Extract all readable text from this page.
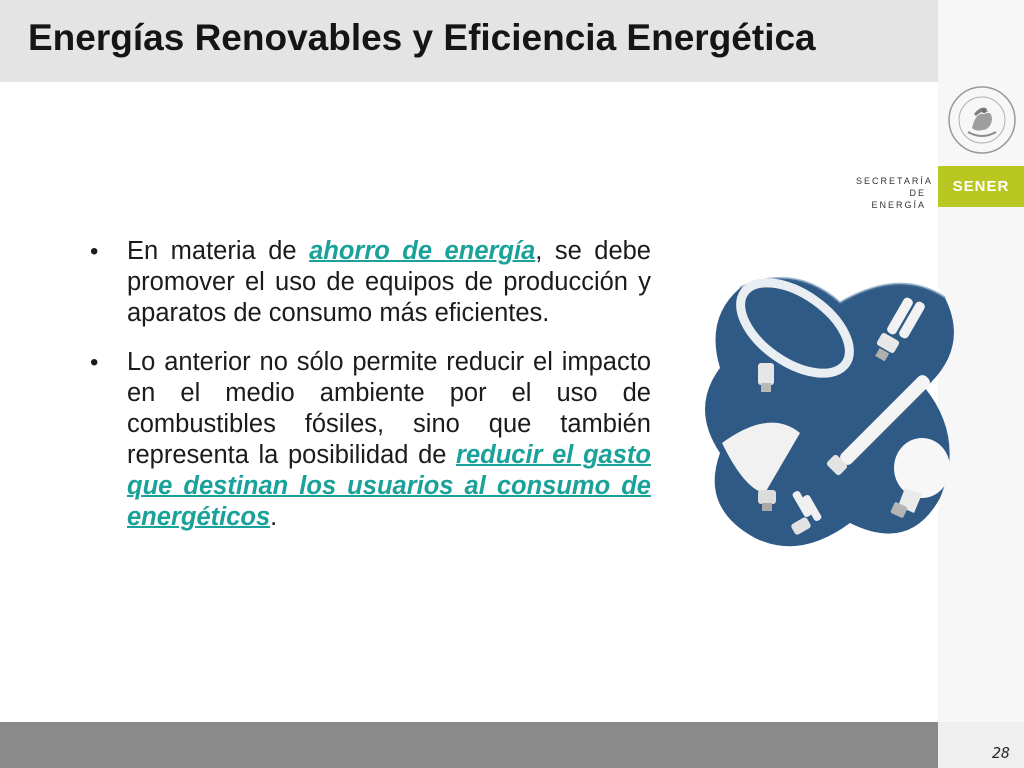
Energías Renovables y Eficiencia Energética
SECRETARÍA
DE ENERGÍA
SENER
• En materia de ahorro de energía, se debe promover el uso de equipos de producción y aparatos de consumo más eficientes.
• Lo anterior no sólo permite reducir el impacto en el medio ambiente por el uso de combustibles fósiles, sino que también representa la posibilidad de reducir el gasto que destinan los usuarios al consumo de energéticos.
28
